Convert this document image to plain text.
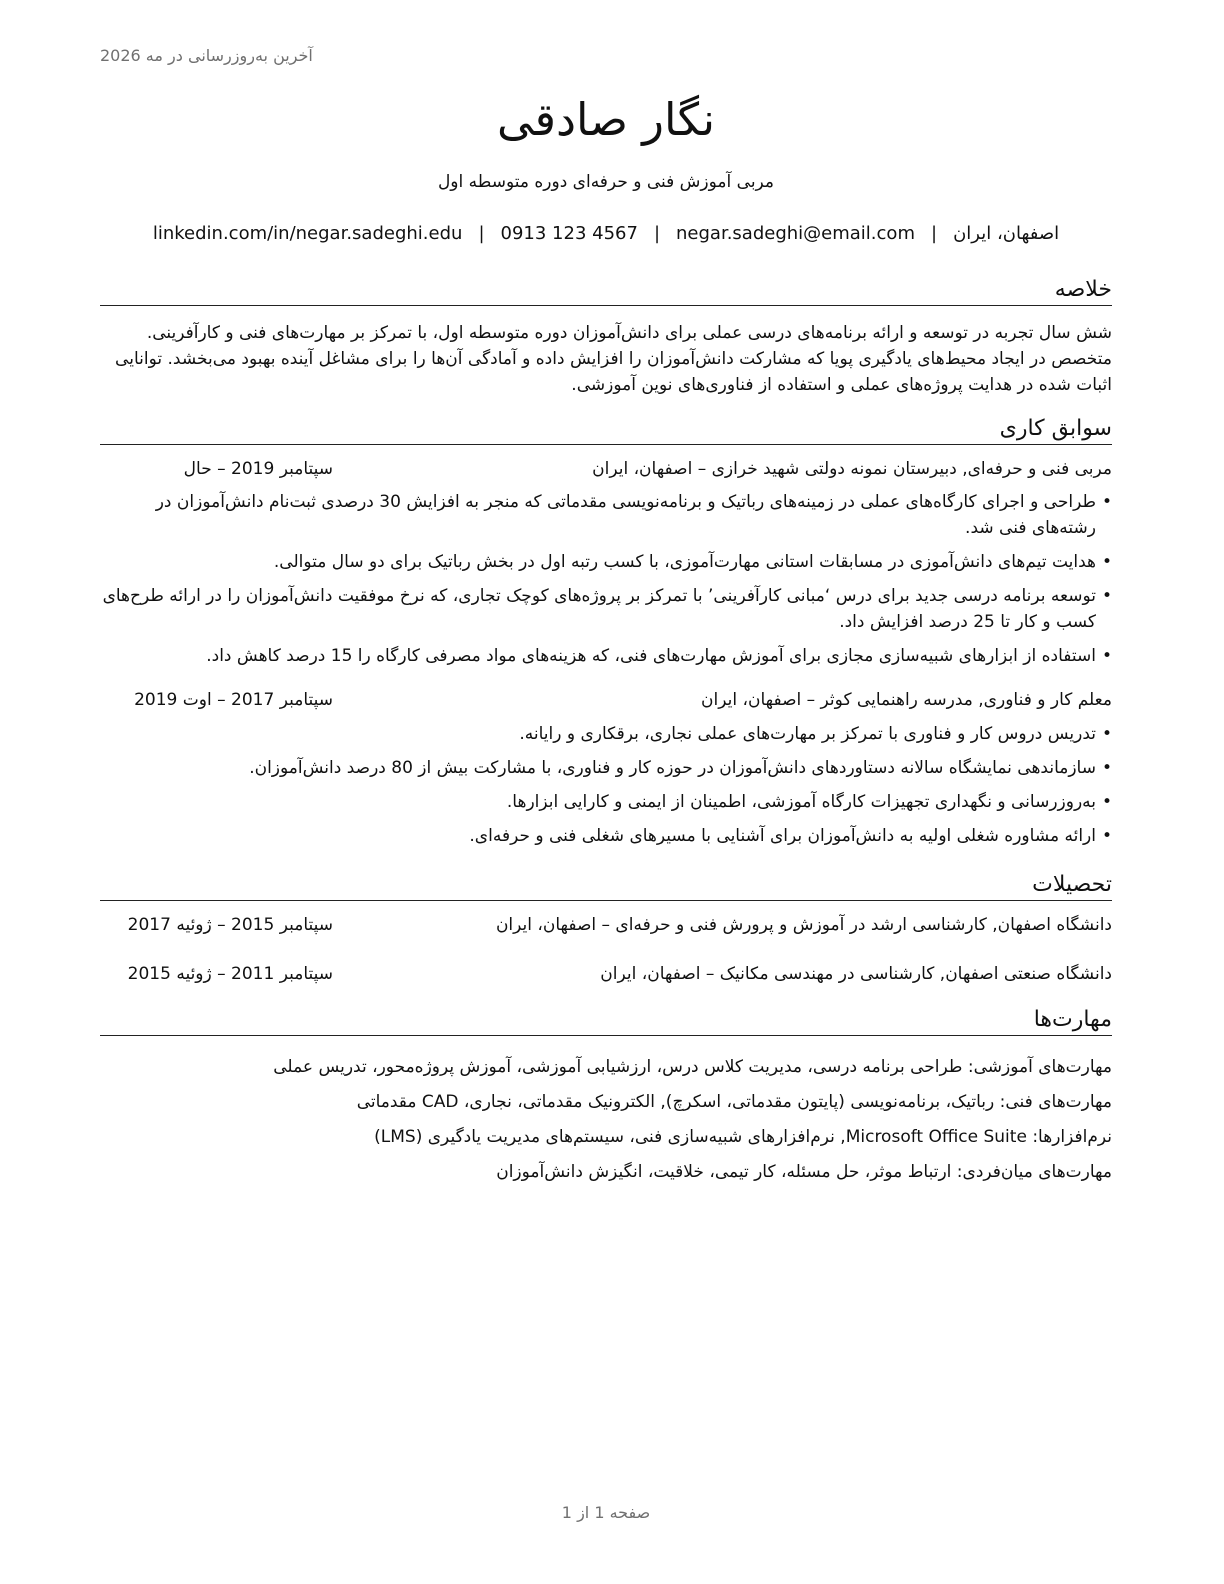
آخرین به‌روزرسانی در مه 2026
نگار صادقی
مربی آموزش فنی و حرفه‌ای دوره متوسطه اول
اصفهان، ایران|negar.sadeghi@email.com|0913 123 4567|linkedin.com/in/negar.sadeghi.edu
خلاصه

شش سال تجربه در توسعه و ارائه برنامه‌های درسی عملی برای دانش‌آموزان دوره متوسطه اول، با تمرکز بر مهارت‌های فنی و کارآفرینی. متخصص در ایجاد محیط‌های یادگیری پویا که مشارکت دانش‌آموزان را افزایش داده و آمادگی آن‌ها را برای مشاغل آینده بهبود می‌بخشد. توانایی اثبات شده در هدایت پروژه‌های عملی و استفاده از فناوری‌های نوین آموزشی.

سوابق کاری
مربی فنی و حرفه‌ای, دبیرستان نمونه دولتی شهید خرازی – اصفهان، ایران
سپتامبر 2019 – حال
• طراحی و اجرای کارگاه‌های عملی در زمینه‌های رباتیک و برنامه‌نویسی مقدماتی که منجر به افزایش 30 درصدی ثبت‌نام دانش‌آموزان در رشته‌های فنی شد.
• هدایت تیم‌های دانش‌آموزی در مسابقات استانی مهارت‌آموزی، با کسب رتبه اول در بخش رباتیک برای دو سال متوالی.
• توسعه برنامه درسی جدید برای درس ‘مبانی کارآفرینی’ با تمرکز بر پروژه‌های کوچک تجاری، که نرخ موفقیت دانش‌آموزان را در ارائه طرح‌های کسب و کار تا 25 درصد افزایش داد.
• استفاده از ابزارهای شبیه‌سازی مجازی برای آموزش مهارت‌های فنی، که هزینه‌های مواد مصرفی کارگاه را 15 درصد کاهش داد.
معلم کار و فناوری, مدرسه راهنمایی کوثر – اصفهان، ایران
سپتامبر 2017 – اوت 2019
• تدریس دروس کار و فناوری با تمرکز بر مهارت‌های عملی نجاری، برقکاری و رایانه.
• سازماندهی نمایشگاه سالانه دستاوردهای دانش‌آموزان در حوزه کار و فناوری، با مشارکت بیش از 80 درصد دانش‌آموزان.
• به‌روزرسانی و نگهداری تجهیزات کارگاه آموزشی، اطمینان از ایمنی و کارایی ابزارها.
• ارائه مشاوره شغلی اولیه به دانش‌آموزان برای آشنایی با مسیرهای شغلی فنی و حرفه‌ای.
تحصیلات
دانشگاه اصفهان, کارشناسی ارشد در آموزش و پرورش فنی و حرفه‌ای – اصفهان، ایران
سپتامبر 2015 – ژوئیه 2017
دانشگاه صنعتی اصفهان, کارشناسی در مهندسی مکانیک – اصفهان، ایران
سپتامبر 2011 – ژوئیه 2015
مهارت‌ها
مهارت‌های آموزشی: طراحی برنامه درسی، مدیریت کلاس درس، ارزشیابی آموزشی، آموزش پروژه‌محور، تدریس عملی
مهارت‌های فنی: رباتیک، برنامه‌نویسی (پایتون مقدماتی، اسکرچ), الکترونیک مقدماتی، نجاری، CAD مقدماتی
نرم‌افزارها: Microsoft Office Suite, نرم‌افزارهای شبیه‌سازی فنی، سیستم‌های مدیریت یادگیری (LMS)
مهارت‌های میان‌فردی: ارتباط موثر، حل مسئله، کار تیمی، خلاقیت، انگیزش دانش‌آموزان
صفحه 1 از 1
